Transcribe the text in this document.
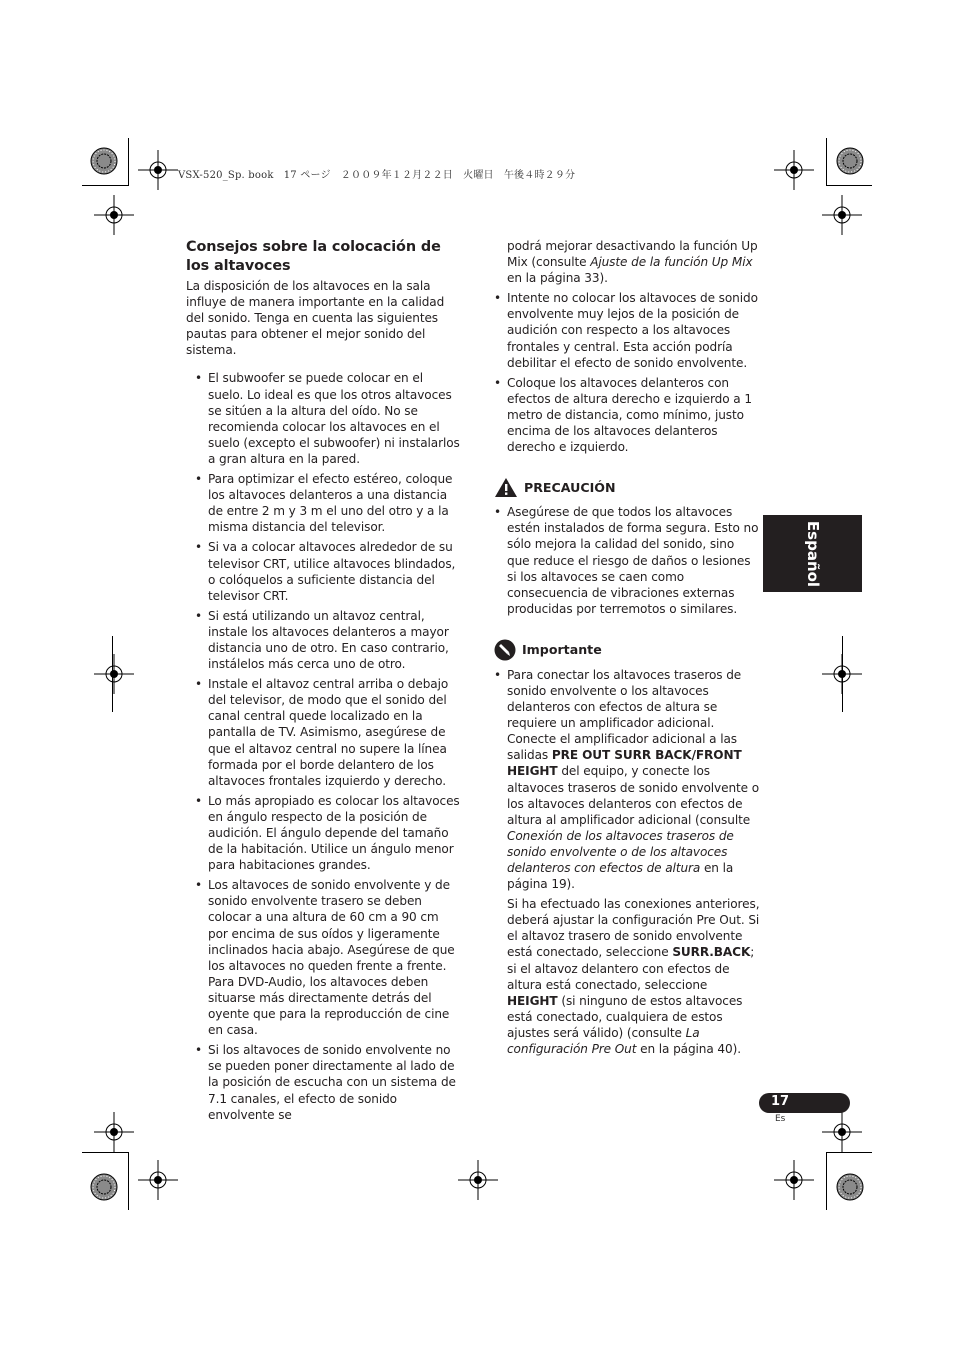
VSX-520_Sp. book   17 ページ   ２００９年１２月２２日   火曜日   午後４時２９分
Consejos sobre la colocación de los altavoces

La disposición de los altavoces en la sala influye de manera importante en la calidad del sonido. Tenga en cuenta las siguientes pautas para obtener el mejor sonido del sistema.

• El subwoofer se puede colocar en el suelo. Lo ideal es que los otros altavoces se sitúen a la altura del oído. No se recomienda colocar los altavoces en el suelo (excepto el subwoofer) ni instalarlos a gran altura en la pared.
• Para optimizar el efecto estéreo, coloque los altavoces delanteros a una distancia de entre 2 m y 3 m el uno del otro y a la misma distancia del televisor.
• Si va a colocar altavoces alrededor de su televisor CRT, utilice altavoces blindados, o colóquelos a suficiente distancia del televisor CRT.
• Si está utilizando un altavoz central, instale los altavoces delanteros a mayor distancia uno de otro. En caso contrario, instálelos más cerca uno de otro.
• Instale el altavoz central arriba o debajo del televisor, de modo que el sonido del canal central quede localizado en la pantalla de TV. Asimismo, asegúrese de que el altavoz central no supere la línea formada por el borde delantero de los altavoces frontales izquierdo y derecho.
• Lo más apropiado es colocar los altavoces en ángulo respecto de la posición de audición. El ángulo depende del tamaño de la habitación. Utilice un ángulo menor para habitaciones grandes.
• Los altavoces de sonido envolvente y de sonido envolvente trasero se deben colocar a una altura de 60 cm a 90 cm por encima de sus oídos y ligeramente inclinados hacia abajo. Asegúrese de que los altavoces no queden frente a frente. Para DVD-Audio, los altavoces deben situarse más directamente detrás del oyente que para la reproducción de cine en casa.
• Si los altavoces de sonido envolvente no se pueden poner directamente al lado de la posición de escucha con un sistema de 7.1 canales, el efecto de sonido envolvente se
podrá mejorar desactivando la función Up Mix (consulte Ajuste de la función Up Mix en la página 33).
• Intente no colocar los altavoces de sonido envolvente muy lejos de la posición de audición con respecto a los altavoces frontales y central. Esta acción podría debilitar el efecto de sonido envolvente.
• Coloque los altavoces delanteros con efectos de altura derecho e izquierdo a 1 metro de distancia, como mínimo, justo encima de los altavoces delanteros derecho e izquierdo.
PRECAUCIÓN
• Asegúrese de que todos los altavoces estén instalados de forma segura. Esto no sólo mejora la calidad del sonido, sino que reduce el riesgo de daños o lesiones si los altavoces se caen como consecuencia de vibraciones externas producidas por terremotos o similares.
Importante
• Para conectar los altavoces traseros de sonido envolvente o los altavoces delanteros con efectos de altura se requiere un amplificador adicional. Conecte el amplificador adicional a las salidas PRE OUT SURR BACK/FRONT HEIGHT del equipo, y conecte los altavoces traseros de sonido envolvente o los altavoces delanteros con efectos de altura al amplificador adicional (consulte Conexión de los altavoces traseros de sonido envolvente o de los altavoces delanteros con efectos de altura en la página 19).
Si ha efectuado las conexiones anteriores, deberá ajustar la configuración Pre Out. Si el altavoz trasero de sonido envolvente está conectado, seleccione SURR.BACK; si el altavoz delantero con efectos de altura está conectado, seleccione HEIGHT (si ninguno de estos altavoces está conectado, cualquiera de estos ajustes será válido) (consulte La configuración Pre Out en la página 40).
Español
17
Es
